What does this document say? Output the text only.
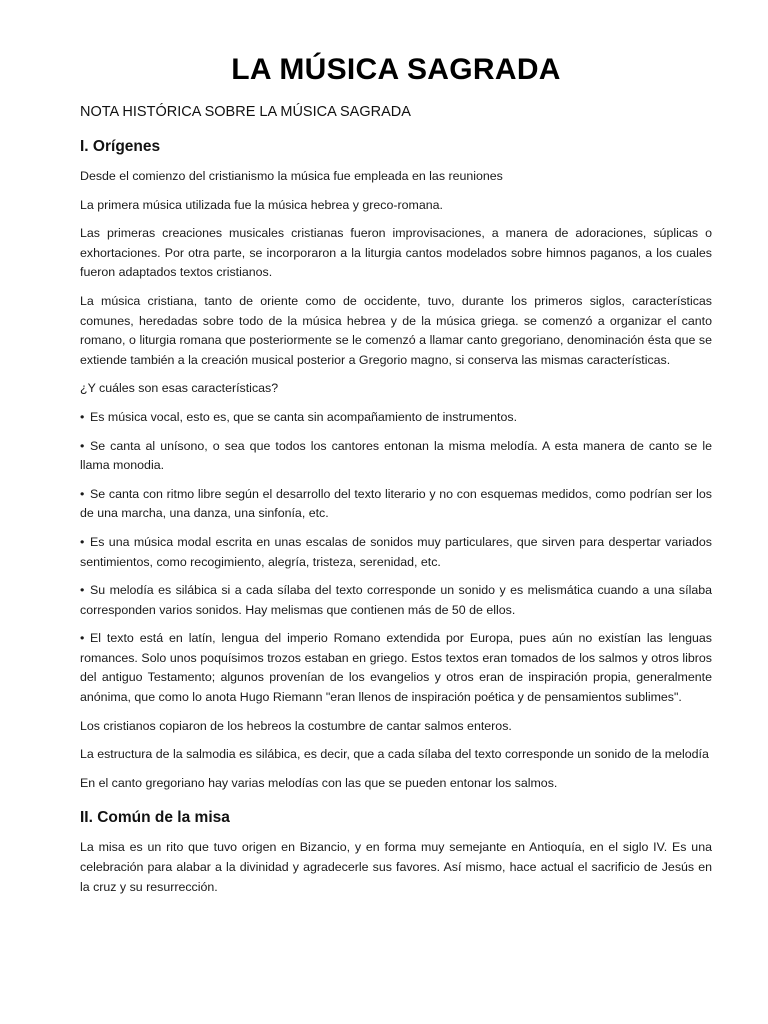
LA MÚSICA SAGRADA
NOTA HISTÓRICA SOBRE LA MÚSICA SAGRADA
I. Orígenes

Desde el comienzo del cristianismo la música fue empleada en las reuniones

La primera música utilizada fue la música hebrea y greco-romana.

Las primeras creaciones musicales cristianas fueron improvisaciones, a manera de adoraciones, súplicas o exhortaciones. Por otra parte, se incorporaron a la liturgia cantos modelados sobre himnos paganos, a los cuales fueron adaptados textos cristianos.

La música cristiana, tanto de oriente como de occidente, tuvo, durante los primeros siglos, características comunes, heredadas sobre todo de la música hebrea y de la música griega. se comenzó a organizar el canto romano, o liturgia romana que posteriormente se le comenzó a llamar canto gregoriano, denominación ésta que se extiende también a la creación musical posterior a Gregorio magno, si conserva las mismas características.

¿Y cuáles son esas características?

• Es música vocal, esto es, que se canta sin acompañamiento de instrumentos.

• Se canta al unísono, o sea que todos los cantores entonan la misma melodía. A esta manera de canto se le llama monodia.

• Se canta con ritmo libre según el desarrollo del texto literario y no con esquemas medidos, como podrían ser los de una marcha, una danza, una sinfonía, etc.

• Es una música modal escrita en unas escalas de sonidos muy particulares, que sirven para despertar variados sentimientos, como recogimiento, alegría, tristeza, serenidad, etc.

• Su melodía es silábica si a cada sílaba del texto corresponde un sonido y es melismática cuando a una sílaba corresponden varios sonidos. Hay melismas que contienen más de 50 de ellos.

• El texto está en latín, lengua del imperio Romano extendida por Europa, pues aún no existían las lenguas romances. Solo unos poquísimos trozos estaban en griego. Estos textos eran tomados de los salmos y otros libros del antiguo Testamento; algunos provenían de los evangelios y otros eran de inspiración propia, generalmente anónima, que como lo anota Hugo Riemann "eran llenos de inspiración poética y de pensamientos sublimes".

Los cristianos copiaron de los hebreos la costumbre de cantar salmos enteros.

La estructura de la salmodia es silábica, es decir, que a cada sílaba del texto corresponde un sonido de la melodía

En el canto gregoriano hay varias melodías con las que se pueden entonar los salmos.

II. Común de la misa

La misa es un rito que tuvo origen en Bizancio, y en forma muy semejante en Antioquía, en el siglo IV. Es una celebración para alabar a la divinidad y agradecerle sus favores. Así mismo, hace actual el sacrificio de Jesús en la cruz y su resurrección.
